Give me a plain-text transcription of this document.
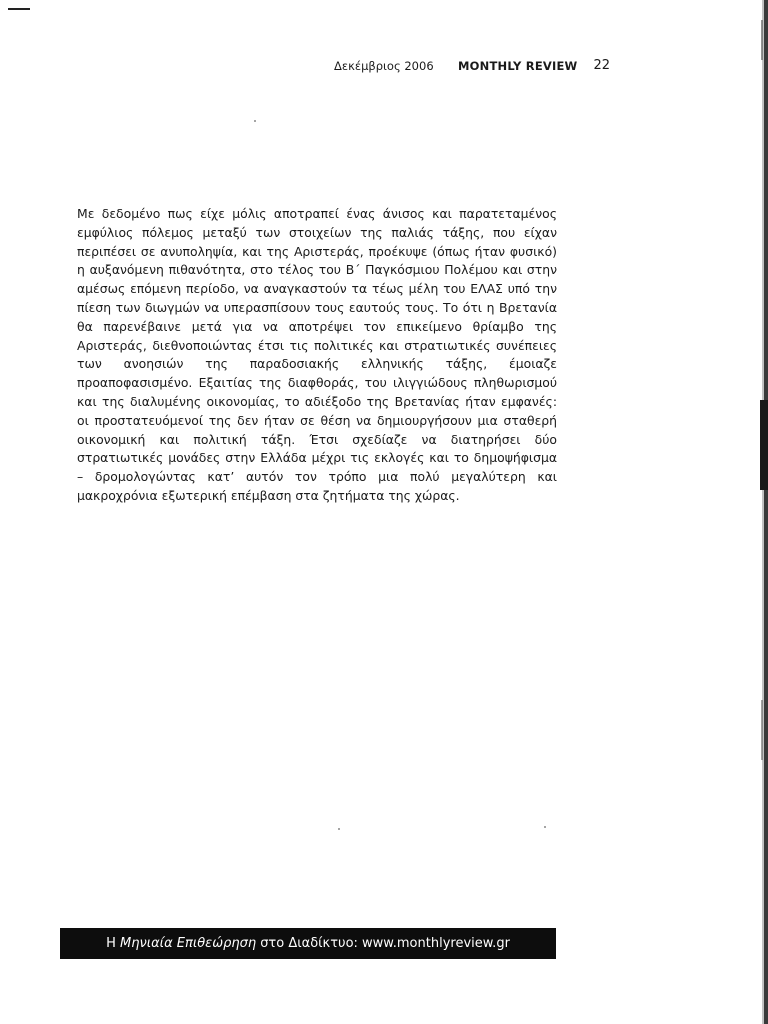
Δεκέμβριος 2006 MONTHLY REVIEW 22

Με δεδομένο πως είχε μόλις αποτραπεί ένας άνισος και παρατεταμένος εμφύλιος πόλεμος μεταξύ των στοιχείων της παλιάς τάξης, που είχαν περιπέσει σε ανυποληψία, και της Αριστεράς, προέκυψε (όπως ήταν φυσικό) η αυξανόμενη πιθανότητα, στο τέλος του Β΄ Παγκόσμιου Πολέμου και στην αμέσως επόμενη περίοδο, να αναγκαστούν τα τέως μέλη του ΕΛΑΣ υπό την πίεση των διωγμών να υπερασπίσουν τους εαυτούς τους. Το ότι η Βρετανία θα παρενέβαινε μετά για να αποτρέψει τον επικείμενο θρίαμβο της Αριστεράς, διεθνοποιώντας έτσι τις πολιτικές και στρατιωτικές συνέπειες των ανοησιών της παραδοσιακής ελληνικής τάξης, έμοιαζε προαποφασισμένο. Εξαιτίας της διαφθοράς, του ιλιγγιώδους πληθωρισμού και της διαλυμένης οικονομίας, το αδιέξοδο της Βρετανίας ήταν εμφανές: οι προστατευόμενοί της δεν ήταν σε θέση να δημιουργήσουν μια σταθερή οικονομική και πολιτική τάξη. Έτσι σχεδίαζε να διατηρήσει δύο στρατιωτικές μονάδες στην Ελλάδα μέχρι τις εκλογές και το δημοψήφισμα – δρομολογώντας κατ’ αυτόν τον τρόπο μια πολύ μεγαλύτερη και μακροχρόνια εξωτερική επέμβαση στα ζητήματα της χώρας.

Η Μηνιαία Επιθεώρηση στο Διαδίκτυο: www.monthlyreview.gr
